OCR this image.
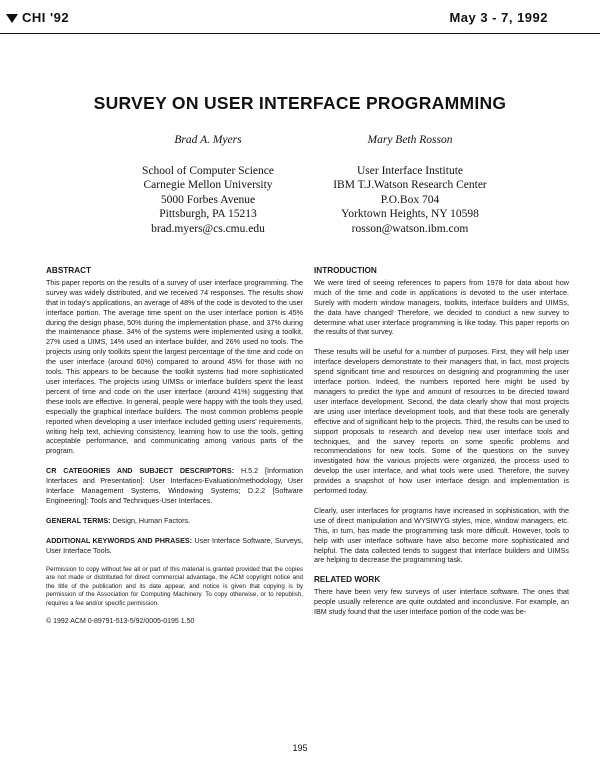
CHI '92	May 3 - 7, 1992
SURVEY ON USER INTERFACE PROGRAMMING
Brad A. Myers
School of Computer Science
Carnegie Mellon University
5000 Forbes Avenue
Pittsburgh, PA 15213
brad.myers@cs.cmu.edu
Mary Beth Rosson
User Interface Institute
IBM T.J.Watson Research Center
P.O.Box 704
Yorktown Heights, NY 10598
rosson@watson.ibm.com
ABSTRACT

This paper reports on the results of a survey of user interface programming. The survey was widely distributed, and we received 74 responses. The results show that in today's applications, an average of 48% of the code is devoted to the user interface portion. The average time spent on the user interface portion is 45% during the design phase, 50% during the implementation phase, and 37% during the maintenance phase. 34% of the systems were implemented using a toolkit, 27% used a UIMS, 14% used an interface builder, and 26% used no tools. The projects using only toolkits spent the largest percentage of the time and code on the user interface (around 60%) compared to around 45% for those with no tools. This appears to be because the toolkit systems had more sophisticated user interfaces. The projects using UIMSs or interface builders spent the least percent of time and code on the user interface (around 41%) suggesting that these tools are effective. In general, people were happy with the tools they used, especially the graphical interface builders. The most common problems people reported when developing a user interface included getting users' requirements, writing help text, achieving consistency, learning how to use the tools, getting acceptable performance, and communicating among various parts of the program.

CR CATEGORIES AND SUBJECT DESCRIPTORS: H.5.2 [Information Interfaces and Presentation]: User Interfaces-Evaluation/methodology, User Interface Management Systems, Windowing Systems; D.2.2 [Software Engineering]: Tools and Techniques-User Interfaces.

GENERAL TERMS: Design, Human Factors.

ADDITIONAL KEYWORDS AND PHRASES: User Interface Software, Surveys, User Interface Tools.

Permission to copy without fee all or part of this material is granted provided that the copies are not made or distributed for direct commercial advantage, the ACM copyright notice and the title of the publication and its date appear, and notice is given that copying is by permission of the Association for Computing Machinery. To copy otherwise, or to republish, requires a fee and/or specific permission.

© 1992 ACM 0-89791-513-5/92/0005-0195 1.50

INTRODUCTION

We were tired of seeing references to papers from 1978 for data about how much of the time and code in applications is devoted to the user interface. Surely with modern window managers, toolkits, interface builders and UIMSs, the data have changed! Therefore, we decided to conduct a new survey to determine what user interface programming is like today. This paper reports on the results of that survey.

These results will be useful for a number of purposes. First, they will help user interface developers demonstrate to their managers that, in fact, most projects spend significant time and resources on designing and programming the user interface portion. Indeed, the numbers reported here might be used by managers to predict the type and amount of resources to be directed toward user interface development. Second, the data clearly show that most projects are using user interface development tools, and that these tools are generally effective and of significant help to the projects. Third, the results can be used to support proposals to research and develop new user interface tools and techniques, and the survey reports on some specific problems and recommendations for new tools. Some of the questions on the survey investigated how the various projects were organized, the process used to develop the user interface, and what tools were used. Therefore, the survey provides a snapshot of how user interface design and implementation is performed today.

Clearly, user interfaces for programs have increased in sophistication, with the use of direct manipulation and WYSIWYG styles, mice, window managers, etc. This, in turn, has made the programming task more difficult. However, tools to help with user interface software have also become more sophisticated and helpful. The data collected tends to suggest that interface builders and UIMSs are helping to decrease the programming task.

RELATED WORK

There have been very few surveys of user interface software. The ones that people usually reference are quite outdated and inconclusive. For example, an IBM study found that the user interface portion of the code was be-

195
